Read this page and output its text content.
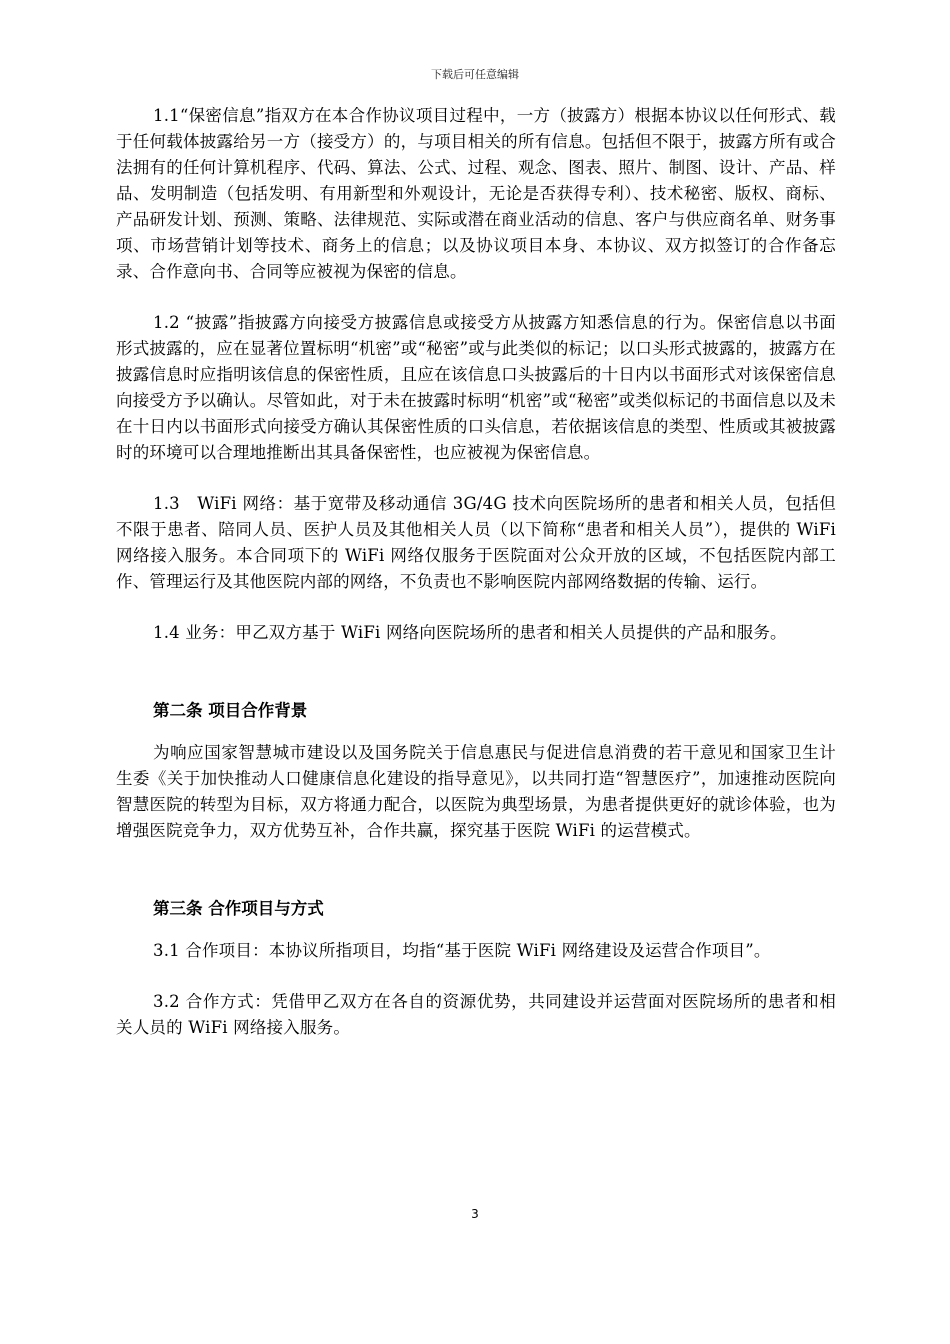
下载后可任意编辑

1.1“保密信息”指双方在本合作协议项目过程中，一方（披露方）根据本协议以任何形式、载于任何载体披露给另一方（接受方）的，与项目相关的所有信息。包括但不限于，披露方所有或合法拥有的任何计算机程序、代码、算法、公式、过程、观念、图表、照片、制图、设计、产品、样品、发明制造（包括发明、有用新型和外观设计，无论是否获得专利）、技术秘密、版权、商标、产品研发计划、预测、策略、法律规范、实际或潜在商业活动的信息、客户与供应商名单、财务事项、市场营销计划等技术、商务上的信息；以及协议项目本身、本协议、双方拟签订的合作备忘录、合作意向书、合同等应被视为保密的信息。

1.2 “披露”指披露方向接受方披露信息或接受方从披露方知悉信息的行为。保密信息以书面形式披露的，应在显著位置标明“机密”或“秘密”或与此类似的标记；以口头形式披露的，披露方在披露信息时应指明该信息的保密性质，且应在该信息口头披露后的十日内以书面形式对该保密信息向接受方予以确认。尽管如此，对于未在披露时标明“机密”或“秘密”或类似标记的书面信息以及未在十日内以书面形式向接受方确认其保密性质的口头信息，若依据该信息的类型、性质或其被披露时的环境可以合理地推断出其具备保密性，也应被视为保密信息。

1.3　WiFi 网络：基于宽带及移动通信 3G/4G 技术向医院场所的患者和相关人员，包括但不限于患者、陪同人员、医护人员及其他相关人员（以下简称“患者和相关人员”），提供的 WiFi 网络接入服务。本合同项下的 WiFi 网络仅服务于医院面对公众开放的区域，不包括医院内部工作、管理运行及其他医院内部的网络，不负责也不影响医院内部网络数据的传输、运行。

1.4 业务：甲乙双方基于 WiFi 网络向医院场所的患者和相关人员提供的产品和服务。

第二条 项目合作背景

为响应国家智慧城市建设以及国务院关于信息惠民与促进信息消费的若干意见和国家卫生计生委《关于加快推动人口健康信息化建设的指导意见》，以共同打造“智慧医疗”，加速推动医院向智慧医院的转型为目标，双方将通力配合，以医院为典型场景，为患者提供更好的就诊体验，也为增强医院竞争力，双方优势互补，合作共赢，探究基于医院 WiFi 的运营模式。

第三条 合作项目与方式

3.1 合作项目：本协议所指项目，均指“基于医院 WiFi 网络建设及运营合作项目”。

3.2 合作方式：凭借甲乙双方在各自的资源优势，共同建设并运营面对医院场所的患者和相关人员的 WiFi 网络接入服务。

3
